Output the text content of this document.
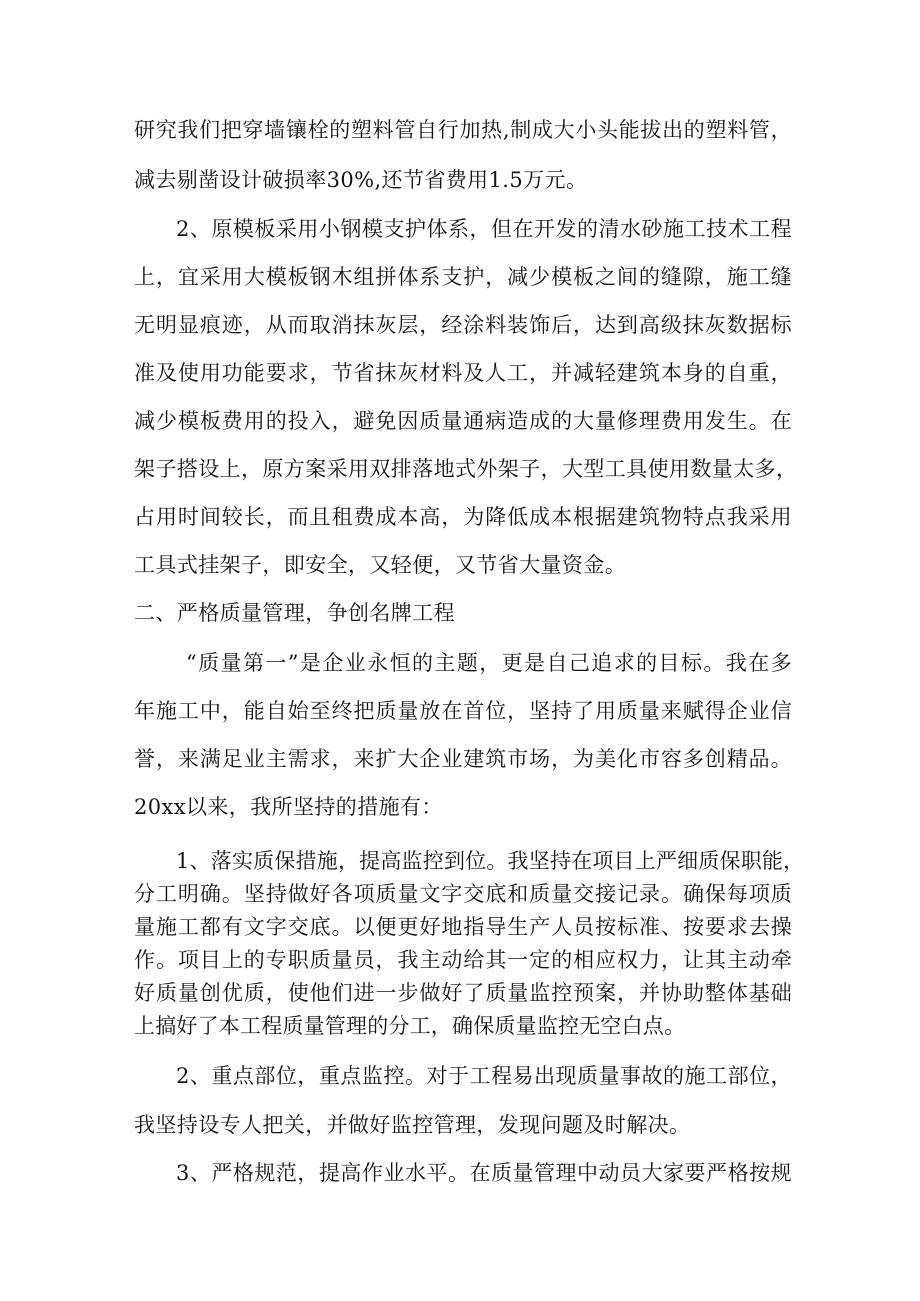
研究我们把穿墙镶栓的塑料管自行加热,制成大小头能拔出的塑料管，
减去剔凿设计破损率30%,还节省费用1.5万元。
2、原模板采用小钢模支护体系，但在开发的清水砂施工技术工程
上，宜采用大模板钢木组拼体系支护，减少模板之间的缝隙，施工缝
无明显痕迹，从而取消抹灰层，经涂料装饰后，达到高级抹灰数据标
准及使用功能要求，节省抹灰材料及人工，并减轻建筑本身的自重，
减少模板费用的投入，避免因质量通病造成的大量修理费用发生。在
架子搭设上，原方案采用双排落地式外架子，大型工具使用数量太多，
占用时间较长，而且租费成本高，为降低成本根据建筑物特点我采用
工具式挂架子，即安全，又轻便，又节省大量资金。
二、严格质量管理，争创名牌工程
“质量第一”是企业永恒的主题，更是自己追求的目标。我在多
年施工中，能自始至终把质量放在首位，坚持了用质量来赋得企业信
誉，来满足业主需求，来扩大企业建筑市场，为美化市容多创精品。
20xx以来，我所坚持的措施有：
1、落实质保措施，提高监控到位。我坚持在项目上严细质保职能，
分工明确。坚持做好各项质量文字交底和质量交接记录。确保每项质
量施工都有文字交底。以便更好地指导生产人员按标准、按要求去操
作。项目上的专职质量员，我主动给其一定的相应权力，让其主动牵
好质量创优质，使他们进一步做好了质量监控预案，并协助整体基础
上搞好了本工程质量管理的分工，确保质量监控无空白点。
2、重点部位，重点监控。对于工程易出现质量事故的施工部位，
我坚持设专人把关，并做好监控管理，发现问题及时解决。
3、严格规范，提高作业水平。在质量管理中动员大家要严格按规
